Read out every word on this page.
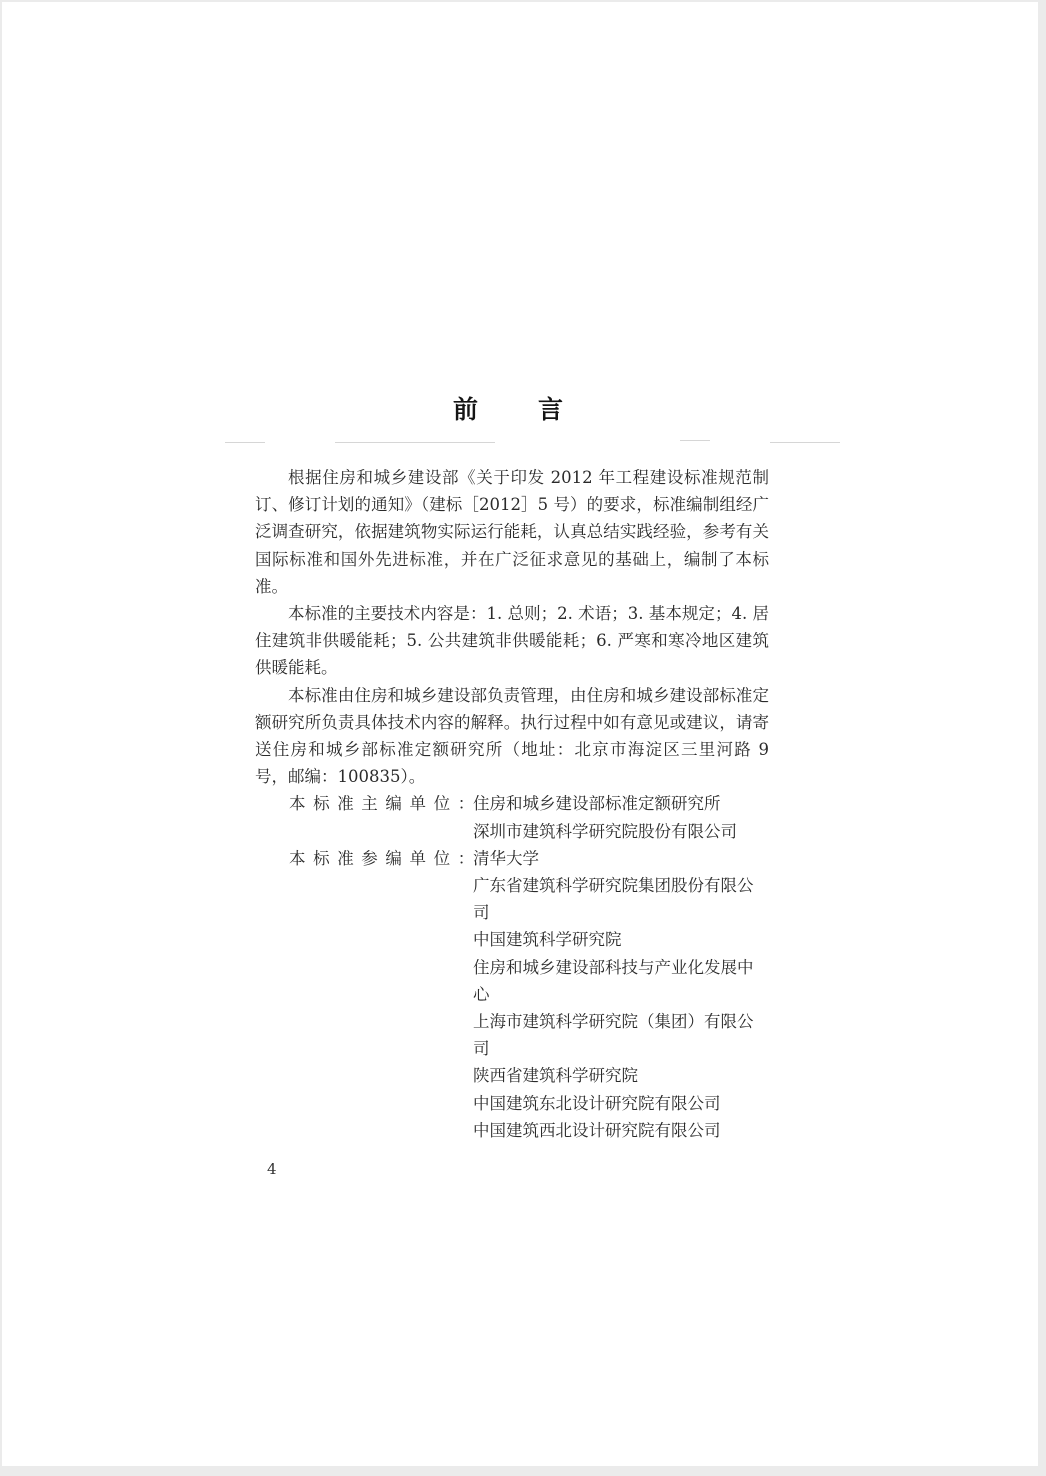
前 言

根据住房和城乡建设部《关于印发 2012 年工程建设标准规范制订、修订计划的通知》（建标［2012］5 号）的要求，标准编制组经广泛调查研究，依据建筑物实际运行能耗，认真总结实践经验，参考有关国际标准和国外先进标准，并在广泛征求意见的基础上，编制了本标准。

本标准的主要技术内容是：1. 总则；2. 术语；3. 基本规定；4. 居住建筑非供暖能耗；5. 公共建筑非供暖能耗；6. 严寒和寒冷地区建筑供暖能耗。

本标准由住房和城乡建设部负责管理，由住房和城乡建设部标准定额研究所负责具体技术内容的解释。执行过程中如有意见或建议，请寄送住房和城乡部标准定额研究所（地址：北京市海淀区三里河路 9 号，邮编：100835）。

本标准主编单位：
住房和城乡建设部标准定额研究所
深圳市建筑科学研究院股份有限公司
本标准参编单位：
清华大学
广东省建筑科学研究院集团股份有限公司
中国建筑科学研究院
住房和城乡建设部科技与产业化发展中心
上海市建筑科学研究院（集团）有限公司
陕西省建筑科学研究院
中国建筑东北设计研究院有限公司
中国建筑西北设计研究院有限公司
4
